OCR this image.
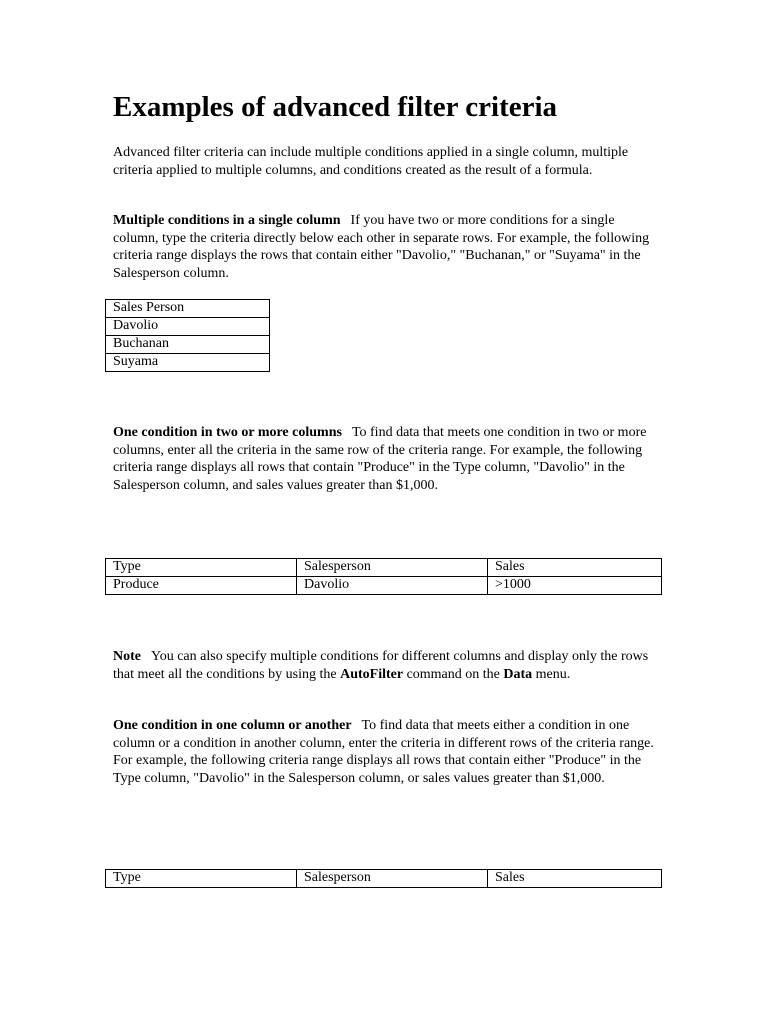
Examples of advanced filter criteria

Advanced filter criteria can include multiple conditions applied in a single column, multiple criteria applied to multiple columns, and conditions created as the result of a formula.

Multiple conditions in a single column If you have two or more conditions for a single column, type the criteria directly below each other in separate rows. For example, the following criteria range displays the rows that contain either "Davolio," "Buchanan," or "Suyama" in the Salesperson column.

Sales Person
Davolio
Buchanan
Suyama

One condition in two or more columns To find data that meets one condition in two or more columns, enter all the criteria in the same row of the criteria range. For example, the following criteria range displays all rows that contain "Produce" in the Type column, "Davolio" in the Salesperson column, and sales values greater than $1,000.

Type	Salesperson	Sales
Produce	Davolio	>1000

Note You can also specify multiple conditions for different columns and display only the rows that meet all the conditions by using the AutoFilter command on the Data menu.

One condition in one column or another To find data that meets either a condition in one column or a condition in another column, enter the criteria in different rows of the criteria range. For example, the following criteria range displays all rows that contain either "Produce" in the Type column, "Davolio" in the Salesperson column, or sales values greater than $1,000.

Type	Salesperson	Sales
